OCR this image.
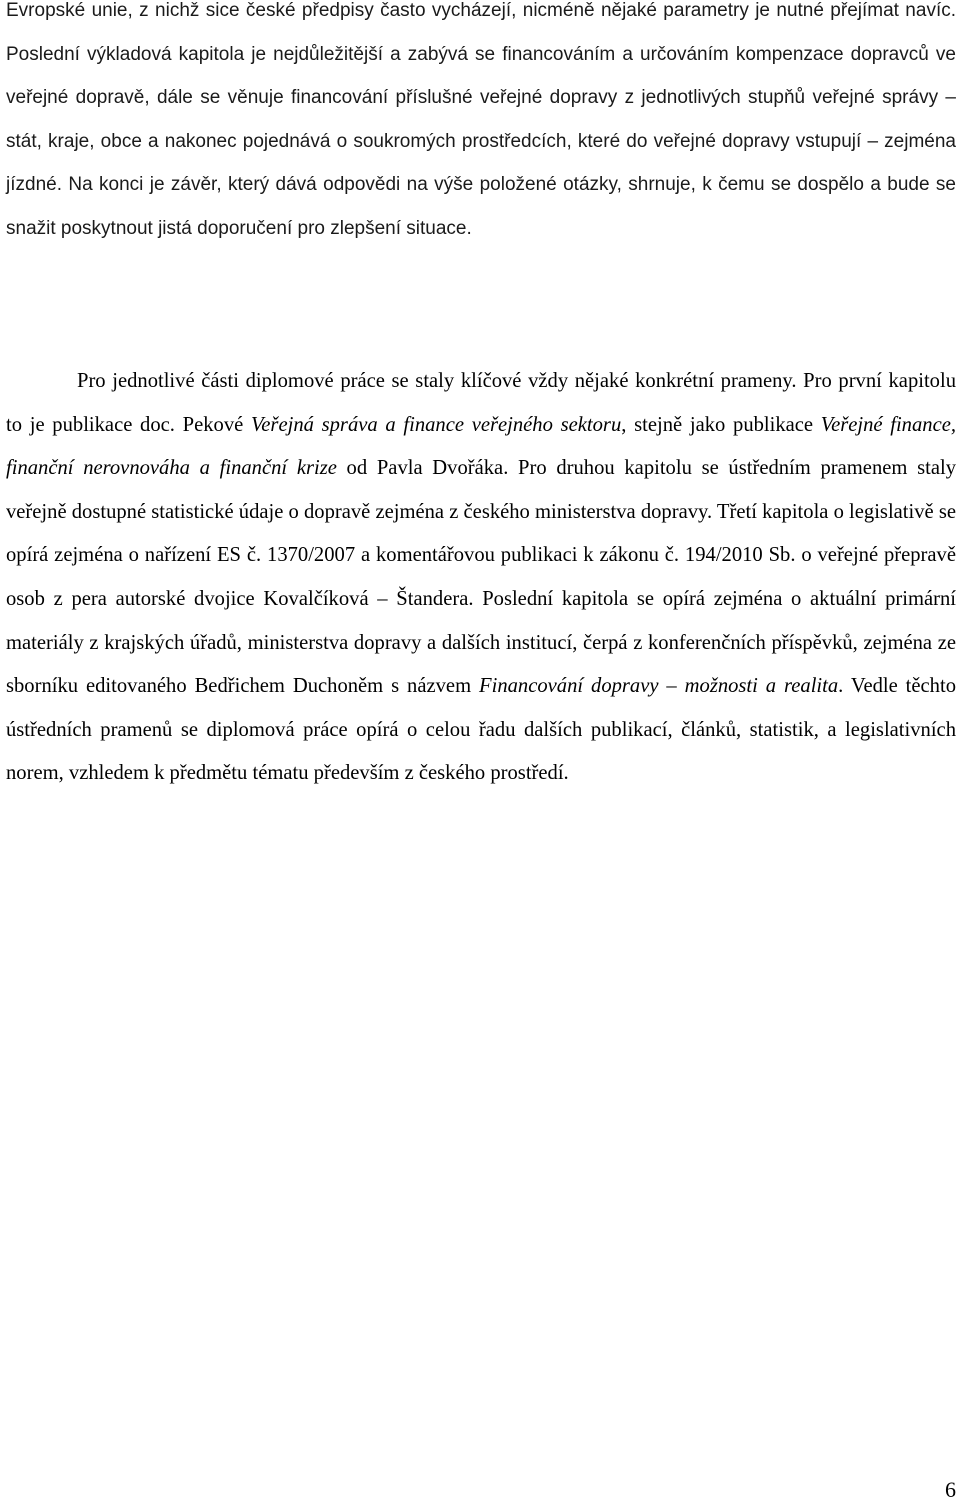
Evropské unie, z nichž sice české předpisy často vycházejí, nicméně nějaké parametry je nutné přejímat navíc. Poslední výkladová kapitola je nejdůležitější a zabývá se financováním a určováním kompenzace dopravců ve veřejné dopravě, dále se věnuje financování příslušné veřejné dopravy z jednotlivých stupňů veřejné správy – stát, kraje, obce a nakonec pojednává o soukromých prostředcích, které do veřejné dopravy vstupují – zejména jízdné. Na konci je závěr, který dává odpovědi na výše položené otázky, shrnuje, k čemu se dospělo a bude se snažit poskytnout jistá doporučení pro zlepšení situace.

Pro jednotlivé části diplomové práce se staly klíčové vždy nějaké konkrétní prameny. Pro první kapitolu to je publikace doc. Pekové Veřejná správa a finance veřejného sektoru, stejně jako publikace Veřejné finance, finanční nerovnováha a finanční krize od Pavla Dvořáka. Pro druhou kapitolu se ústředním pramenem staly veřejně dostupné statistické údaje o dopravě zejména z českého ministerstva dopravy. Třetí kapitola o legislativě se opírá zejména o nařízení ES č. 1370/2007 a komentářovou publikaci k zákonu č. 194/2010 Sb. o veřejné přepravě osob z pera autorské dvojice Kovalčíková – Štandera. Poslední kapitola se opírá zejména o aktuální primární materiály z krajských úřadů, ministerstva dopravy a dalších institucí, čerpá z konferenčních příspěvků, zejména ze sborníku editovaného Bedřichem Duchoněm s názvem Financování dopravy – možnosti a realita. Vedle těchto ústředních pramenů se diplomová práce opírá o celou řadu dalších publikací, článků, statistik, a legislativních norem, vzhledem k předmětu tématu především z českého prostředí.

6
